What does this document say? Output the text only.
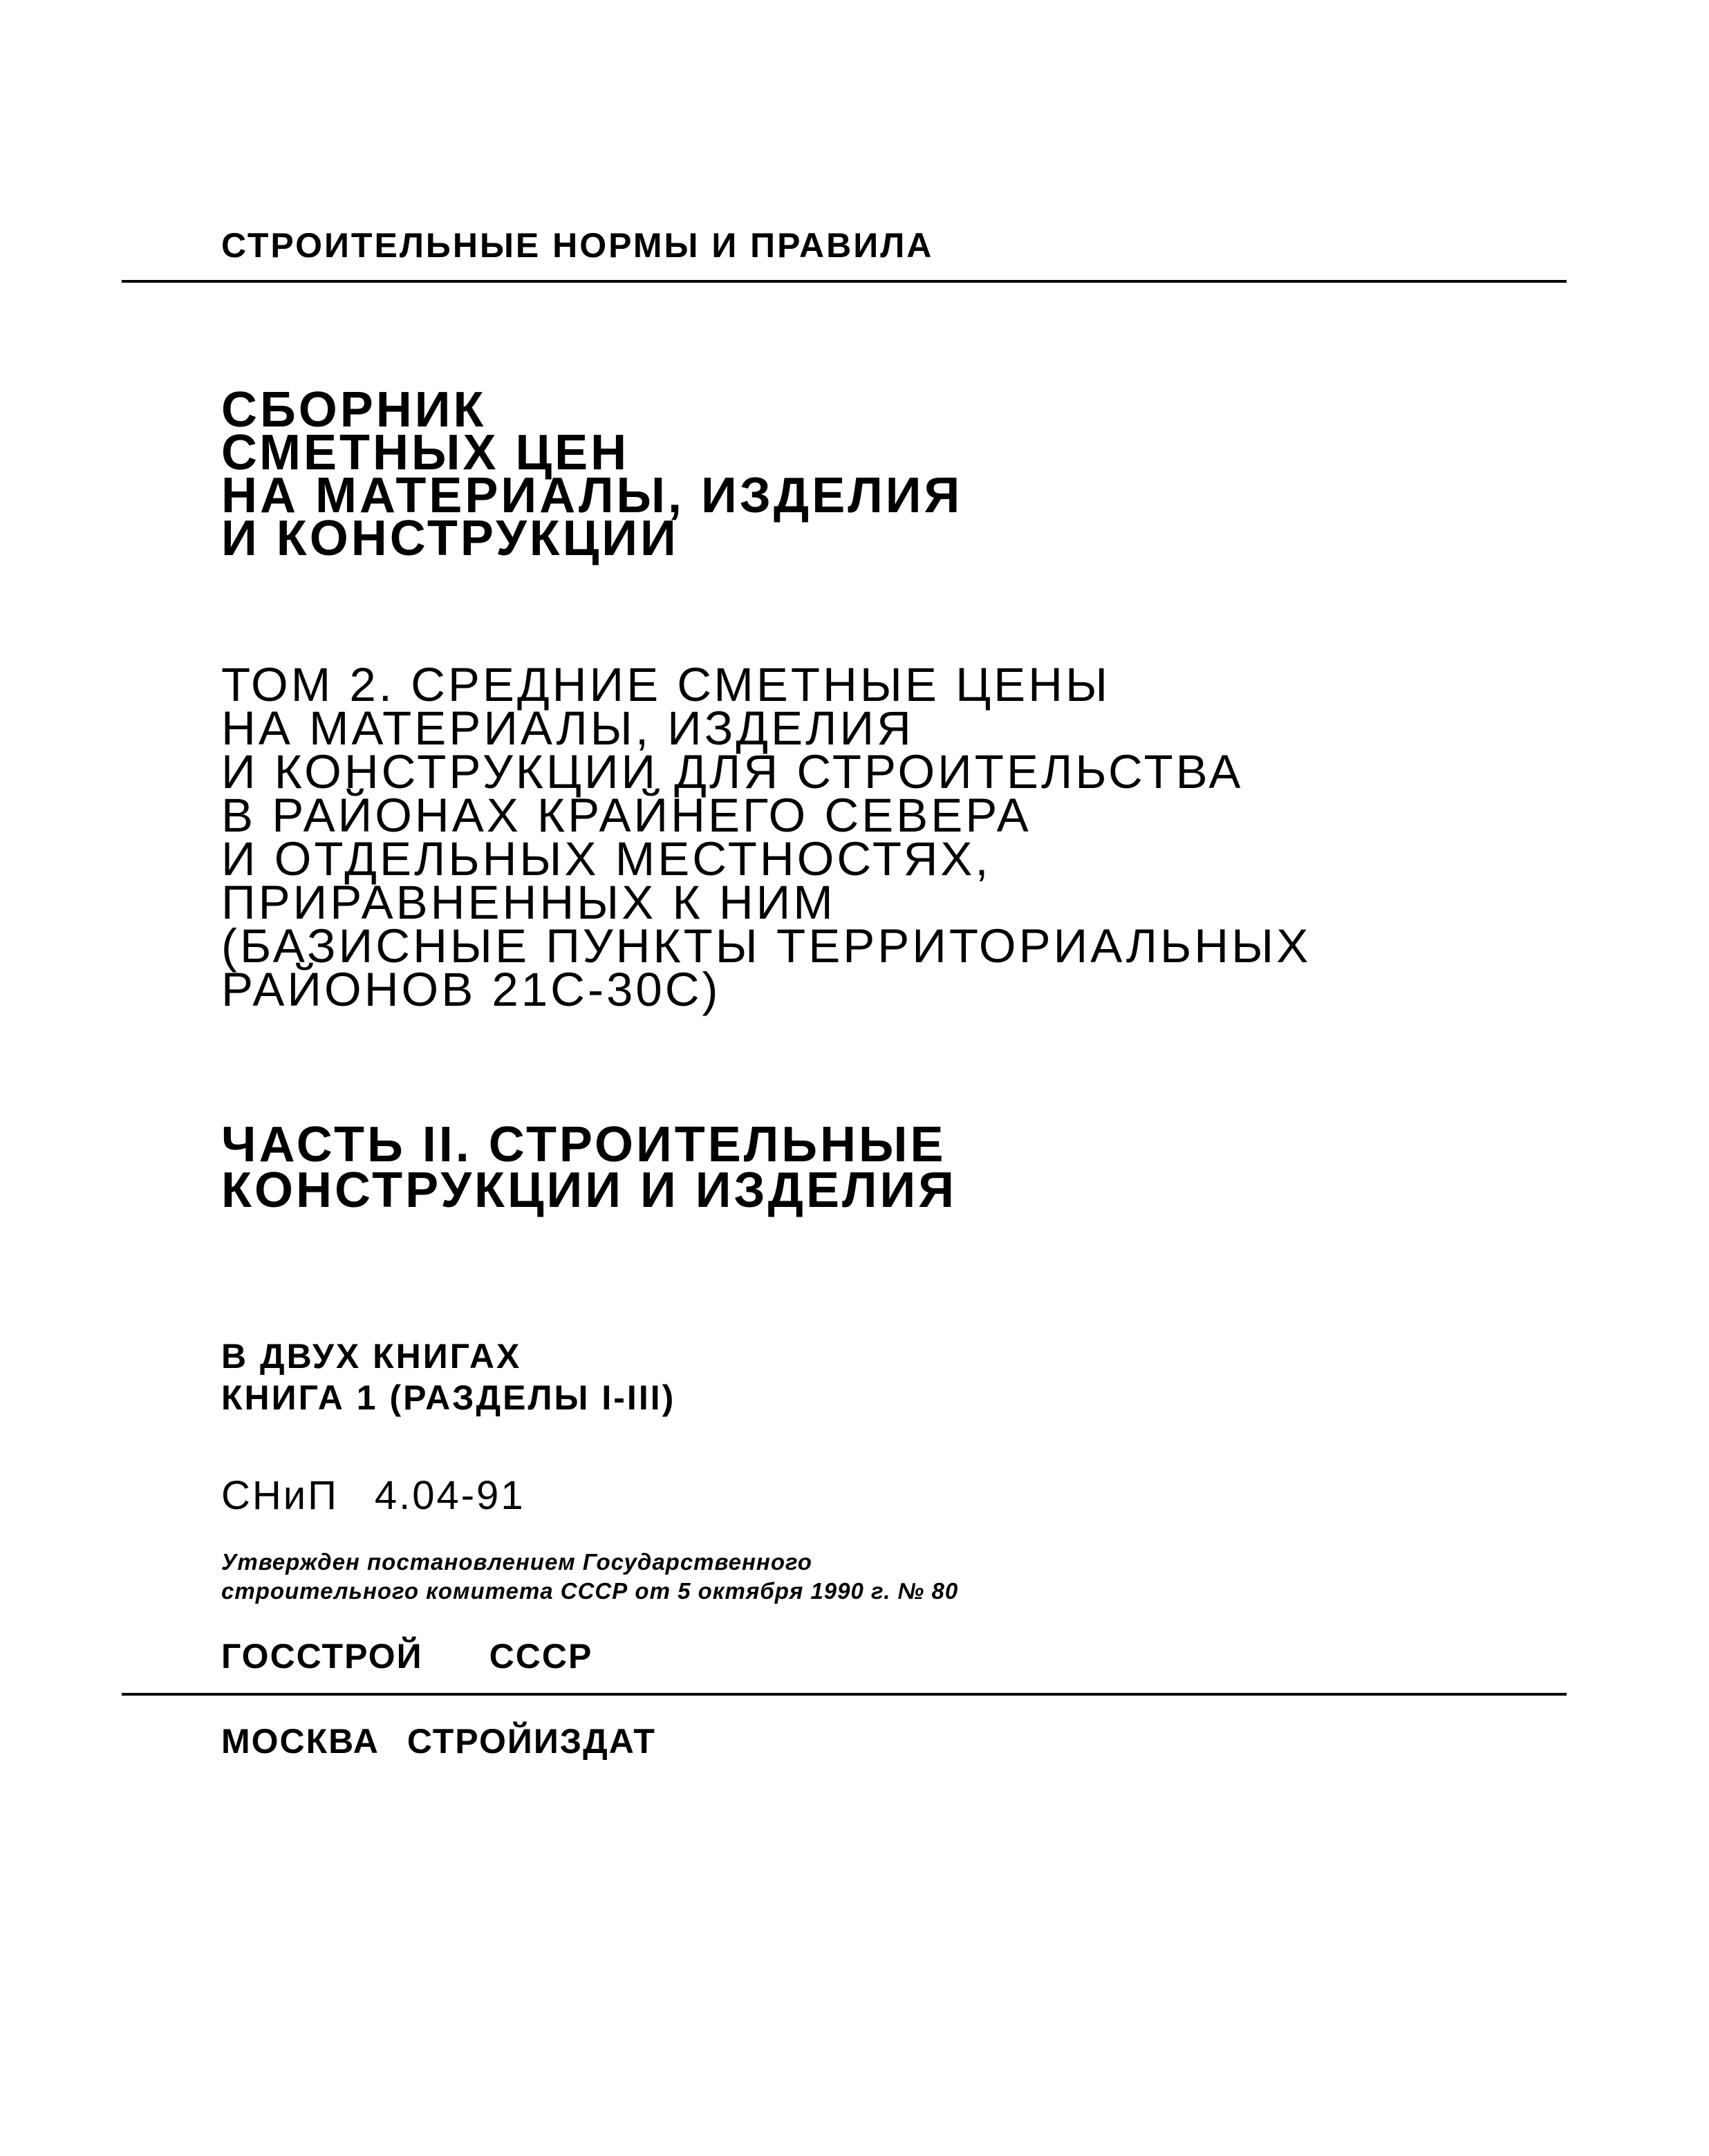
СТРОИТЕЛЬНЫЕ НОРМЫ И ПРАВИЛА
СБОРНИК
СМЕТНЫХ ЦЕН
НА МАТЕРИАЛЫ, ИЗДЕЛИЯ
И КОНСТРУКЦИИ
ТОМ 2. СРЕДНИЕ СМЕТНЫЕ ЦЕНЫ
НА МАТЕРИАЛЫ, ИЗДЕЛИЯ
И КОНСТРУКЦИИ ДЛЯ СТРОИТЕЛЬСТВА
В РАЙОНАХ КРАЙНЕГО СЕВЕРА
И ОТДЕЛЬНЫХ МЕСТНОСТЯХ,
ПРИРАВНЕННЫХ К НИМ
(БАЗИСНЫЕ ПУНКТЫ ТЕРРИТОРИАЛЬНЫХ
РАЙОНОВ 21С-30С)
ЧАСТЬ II. СТРОИТЕЛЬНЫЕ
КОНСТРУКЦИИ И ИЗДЕЛИЯ
В ДВУХ КНИГАХ
КНИГА 1 (РАЗДЕЛЫ I-III)
СНиП 4.04-91
Утвержден постановлением Государственного
строительного комитета СССР от 5 октября 1990 г. № 80
ГОССТРОЙ СССР
МОСКВА СТРОЙИЗДАТ
